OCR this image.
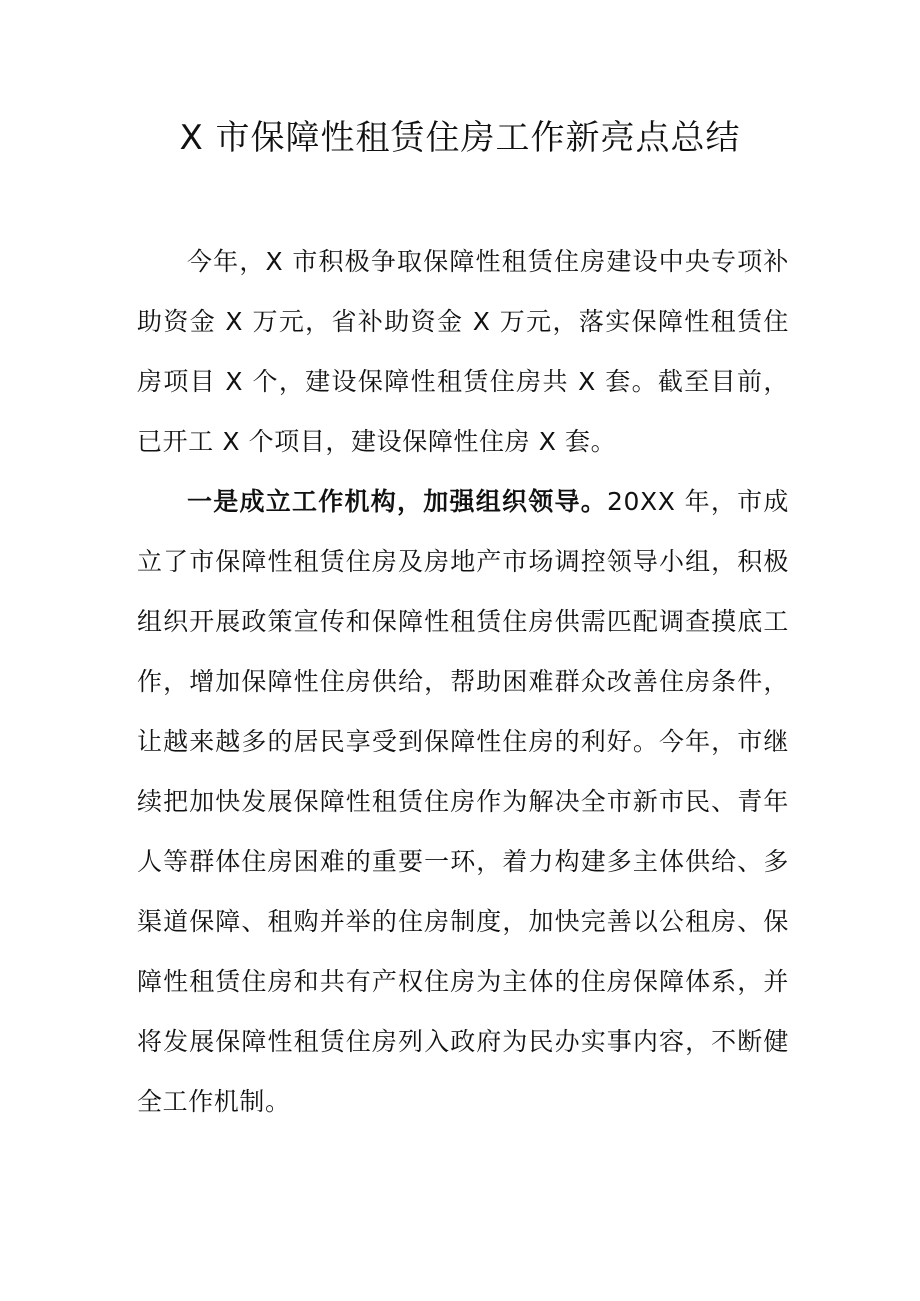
X 市保障性租赁住房工作新亮点总结

今年，X 市积极争取保障性租赁住房建设中央专项补助资金 X 万元，省补助资金 X 万元，落实保障性租赁住房项目 X 个，建设保障性租赁住房共 X 套。截至目前，已开工 X 个项目，建设保障性住房 X 套。

一是成立工作机构，加强组织领导。20XX 年，市成立了市保障性租赁住房及房地产市场调控领导小组，积极组织开展政策宣传和保障性租赁住房供需匹配调查摸底工作，增加保障性住房供给，帮助困难群众改善住房条件，让越来越多的居民享受到保障性住房的利好。今年，市继续把加快发展保障性租赁住房作为解决全市新市民、青年人等群体住房困难的重要一环，着力构建多主体供给、多渠道保障、租购并举的住房制度，加快完善以公租房、保障性租赁住房和共有产权住房为主体的住房保障体系，并将发展保障性租赁住房列入政府为民办实事内容，不断健全工作机制。
